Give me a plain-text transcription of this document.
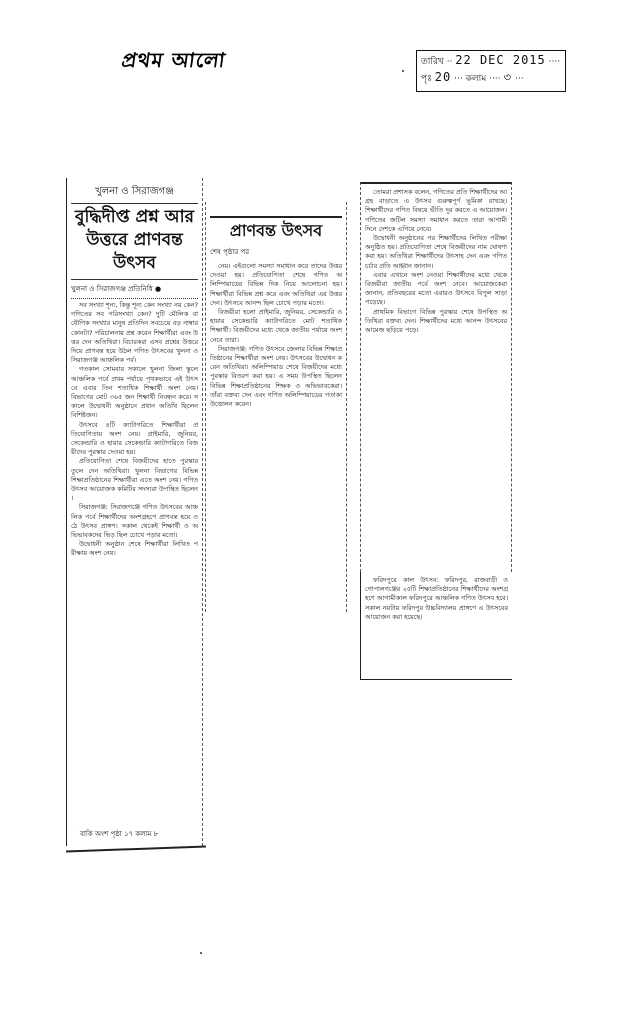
প্রথম আলো	তারিখ ·· 22 DEC 2015 ····
পৃঃ 20 ··· কলাম ···· ৩ ···
খুলনা ও সিরাজগঞ্জ
বুদ্ধিদীপ্ত প্রশ্ন আর উত্তরে প্রাণবন্ত উৎসব
খুলনা ও সিরাজগঞ্জ প্রতিনিধি ●

সব সংখ্যা শূন্য, কিন্তু শূন্য কেন সংখ্যা নয় কেন? গণিতের সব পরিসংখ্যা কেন? দুটি মৌলিক বা যৌগিক সংখ্যার মানুষ প্রতিদিন সবচেয়ে বড় নাম্বার কোনটা? পরিচালনায় প্রশ্ন করেন শিক্ষার্থীরা এবং উত্তর দেন অতিথিরা। বিচারকরা এসব প্রশ্নের উত্তরে দিয়ে প্রাণবন্ত হয়ে উঠল গণিত উৎসবের খুলনা ও সিরাজগঞ্জ আঞ্চলিক পর্ব।

গতকাল সোমবার সকালে খুলনা জিলা স্কুলে আঞ্চলিক পর্বে প্রথম পর্যায়ে পৃথকভাবে এই উৎসবে এবার তিন শতাধিক শিক্ষার্থী অংশ নেয়। বিভাগের মোট ৩৬৫ জন শিক্ষার্থী নিবন্ধন করে। সকালে উদ্বোধনী অনুষ্ঠানে প্রধান অতিথি ছিলেন বিশিষ্টজন।

উৎসবে ৪টি ক্যাটাগরিতে শিক্ষার্থীরা প্রতিযোগিতায় অংশ নেয়। প্রাইমারি, জুনিয়র, সেকেন্ডারি ও হায়ার সেকেন্ডারি ক্যাটাগরিতে বিজয়ীদের পুরস্কার দেওয়া হয়।

প্রতিযোগিতা শেষে বিজয়ীদের হাতে পুরস্কার তুলে দেন অতিথিরা। খুলনা বিভাগের বিভিন্ন শিক্ষাপ্রতিষ্ঠানের শিক্ষার্থীরা এতে অংশ নেয়। গণিত উৎসব আয়োজক কমিটির সদস্যরা উপস্থিত ছিলেন।

সিরাজগঞ্জ: সিরাজগঞ্জে গণিত উৎসবের আঞ্চলিক পর্বে শিক্ষার্থীদের অংশগ্রহণে প্রাণবন্ত হয়ে ওঠে উৎসব প্রাঙ্গণ। সকাল থেকেই শিক্ষার্থী ও অভিভাবকদের ভিড় ছিল চোখে পড়ার মতো।

উদ্বোধনী অনুষ্ঠান শেষে শিক্ষার্থীরা লিখিত পরীক্ষায় অংশ নেয়।

বাকি অংশ পৃষ্ঠা ১৭ কলাম ৮
প্রাণবন্ত উৎসব
শেষ পৃষ্ঠার পর

নেয়। এইগুলো সমস্যা সমাধান করে তাদের উত্তর দেওয়া হয়। প্রতিযোগিতা শেষে গণিত অলিম্পিয়াডের বিভিন্ন দিক নিয়ে আলোচনা হয়। শিক্ষার্থীরা বিভিন্ন প্রশ্ন করে এবং অতিথিরা এর উত্তর দেন। উৎসবে আনন্দ ছিল চোখে পড়ার মতো।

বিজয়ীরা হলো প্রাইমারি, জুনিয়র, সেকেন্ডারি ও হায়ার সেকেন্ডারি ক্যাটাগরিতে মোট শতাধিক শিক্ষার্থী। বিজয়ীদের মধ্যে থেকে জাতীয় পর্যায়ে অংশ নেবে তারা।

সিরাজগঞ্জ: গণিত উৎসবে জেলার বিভিন্ন শিক্ষাপ্রতিষ্ঠানের শিক্ষার্থীরা অংশ নেয়। উৎসবের উদ্বোধন করেন অতিথিরা। অলিম্পিয়াড শেষে বিজয়ীদের মধ্যে পুরস্কার বিতরণ করা হয়। এ সময় উপস্থিত ছিলেন বিভিন্ন শিক্ষাপ্রতিষ্ঠানের শিক্ষক ও অভিভাবকেরা। তাঁরা বক্তব্য দেন এবং গণিত অলিম্পিয়াডের পতাকা উত্তোলন করেন।

তোমরা প্রশাসক বলেন, গণিতের প্রতি শিক্ষার্থীদের আগ্রহ বাড়াতে এ উৎসব গুরুত্বপূর্ণ ভূমিকা রাখছে। শিক্ষার্থীদের গণিত বিষয়ে ভীতি দূর করতে এ আয়োজন। গণিতের জটিল সমস্যা সমাধান করতে তারা আগামী দিনে দেশকে এগিয়ে নেবে।

উদ্বোধনী অনুষ্ঠানের পর শিক্ষার্থীদের লিখিত পরীক্ষা অনুষ্ঠিত হয়। প্রতিযোগিতা শেষে বিজয়ীদের নাম ঘোষণা করা হয়। অতিথিরা শিক্ষার্থীদের উৎসাহ দেন এবং গণিত চর্চার প্রতি আহ্বান জানান।

এবার এখানে অংশ নেওয়া শিক্ষার্থীদের মধ্যে থেকে বিজয়ীরা জাতীয় পর্বে অংশ নেবে। আয়োজকেরা জানান, প্রতিবছরের মতো এবারও উৎসবে বিপুল সাড়া পড়েছে।

প্রাথমিক বিভাগে বিভিন্ন পুরস্কার শেষে উপস্থিত অতিথিরা বক্তব্য দেন। শিক্ষার্থীদের মধ্যে আনন্দ উৎসবের আমেজ ছড়িয়ে পড়ে।

ফরিদপুরে কাল উৎসব: ফরিদপুর, রাজবাড়ী ও গোপালগঞ্জের ২৫টি শিক্ষাপ্রতিষ্ঠানের শিক্ষার্থীদের অংশগ্রহণে আগামীকাল ফরিদপুরে আঞ্চলিক গণিত উৎসব হবে। সকাল নয়টায় ফরিদপুর উচ্চবিদ্যালয় প্রাঙ্গণে এ উৎসবের আয়োজন করা হয়েছে।
